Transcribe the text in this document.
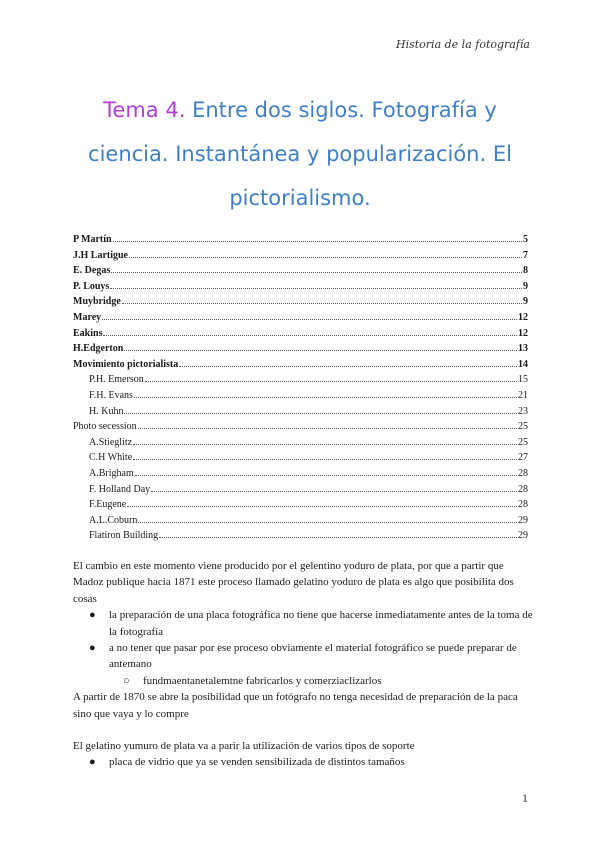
Historia de la fotografía
Tema 4. Entre dos siglos. Fotografía y
ciencia. Instantánea y popularización. El
pictorialismo.
P Martín	5
J.H Lartigue	7
E. Degas	8
P. Louys	9
Muybridge	9
Marey	12
Eakins	12
H.Edgerton	13
Movimiento pictorialista	14
P.H. Emerson	15
F.H. Evans	21
H. Kuhn	23
Photo secession	25
A.Stieglitz	25
C.H White	27
A.Brigham	28
F. Holland Day	28
F.Eugene	28
A.L.Coburn	29
Flatiron Building	29

El cambio en este momento viene producido por el gelentino yoduro de plata, por que a partir que Madoz publique hacia 1871 este proceso llamado gelatino yoduro de plata es algo que posibilita dos cosas

● la preparación de una placa fotográfica no tiene que hacerse inmediatamente antes de la toma de la fotografía
● a no tener que pasar por ese proceso obviamente el material fotográfico se puede preparar de antemano
○ fundmaentanetalemtne fabricarlos y comerziaclizarlos

A partir de 1870 se abre la posibilidad que un fotógrafo no tenga necesidad de preparación de la paca sino que vaya y lo compre

El gelatino yumuro de plata va a parir la utilización de varios tipos de soporte

● placa de vidrio que ya se venden sensibilizada de distintos tamaños
1
